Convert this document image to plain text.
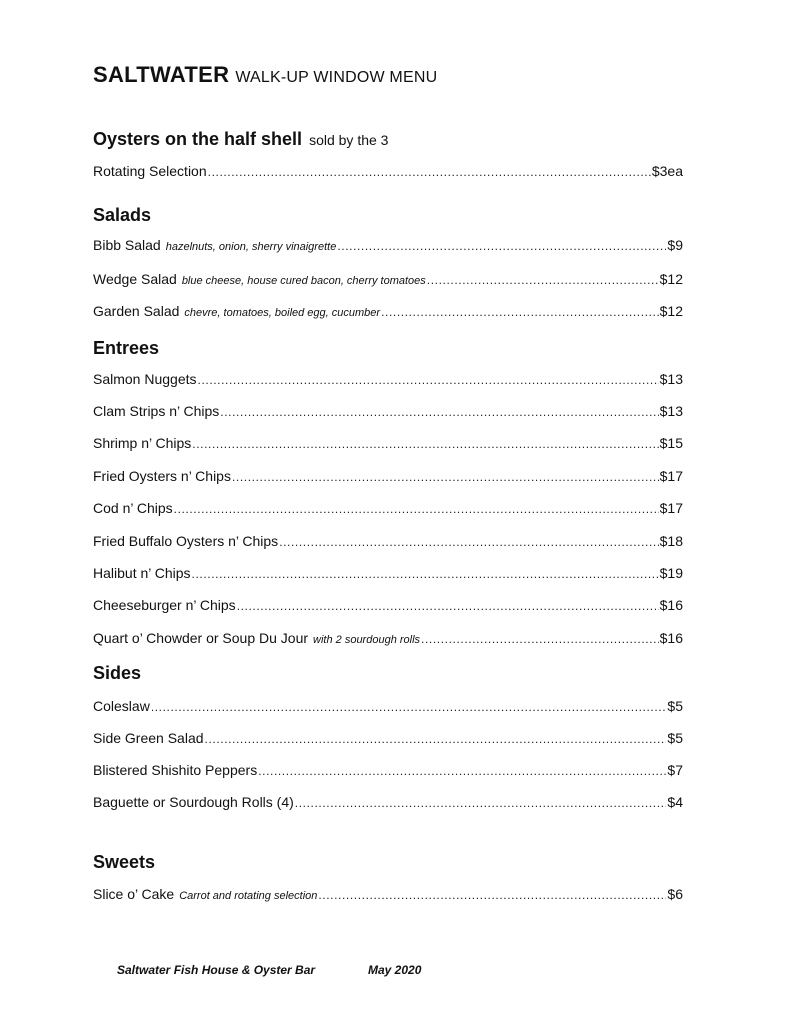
SALTWATER WALK-UP WINDOW MENU
Oysters on the half shell sold by the 3
Rotating Selection .....	$3ea
Salads
Bibb Salad hazelnuts, onion, sherry vinaigrette .....	$9
Wedge Salad blue cheese, house cured bacon, cherry tomatoes .....	$12
Garden Salad chevre, tomatoes, boiled egg, cucumber .....	$12
Entrees
Salmon Nuggets .....	$13
Clam Strips n’ Chips .....	$13
Shrimp n’ Chips .....	$15
Fried Oysters n’ Chips .....	$17
Cod n’ Chips .....	$17
Fried Buffalo Oysters n’ Chips .....	$18
Halibut n’ Chips .....	$19
Cheeseburger n’ Chips .....	$16
Quart o’ Chowder or Soup Du Jour with 2 sourdough rolls .....	$16
Sides
Coleslaw .....	$5
Side Green Salad .....	$5
Blistered Shishito Peppers .....	$7
Baguette or Sourdough Rolls (4) .....	$4
Sweets
Slice o’ Cake Carrot and rotating selection .....	$6
Saltwater Fish House & Oyster Bar	May 2020
